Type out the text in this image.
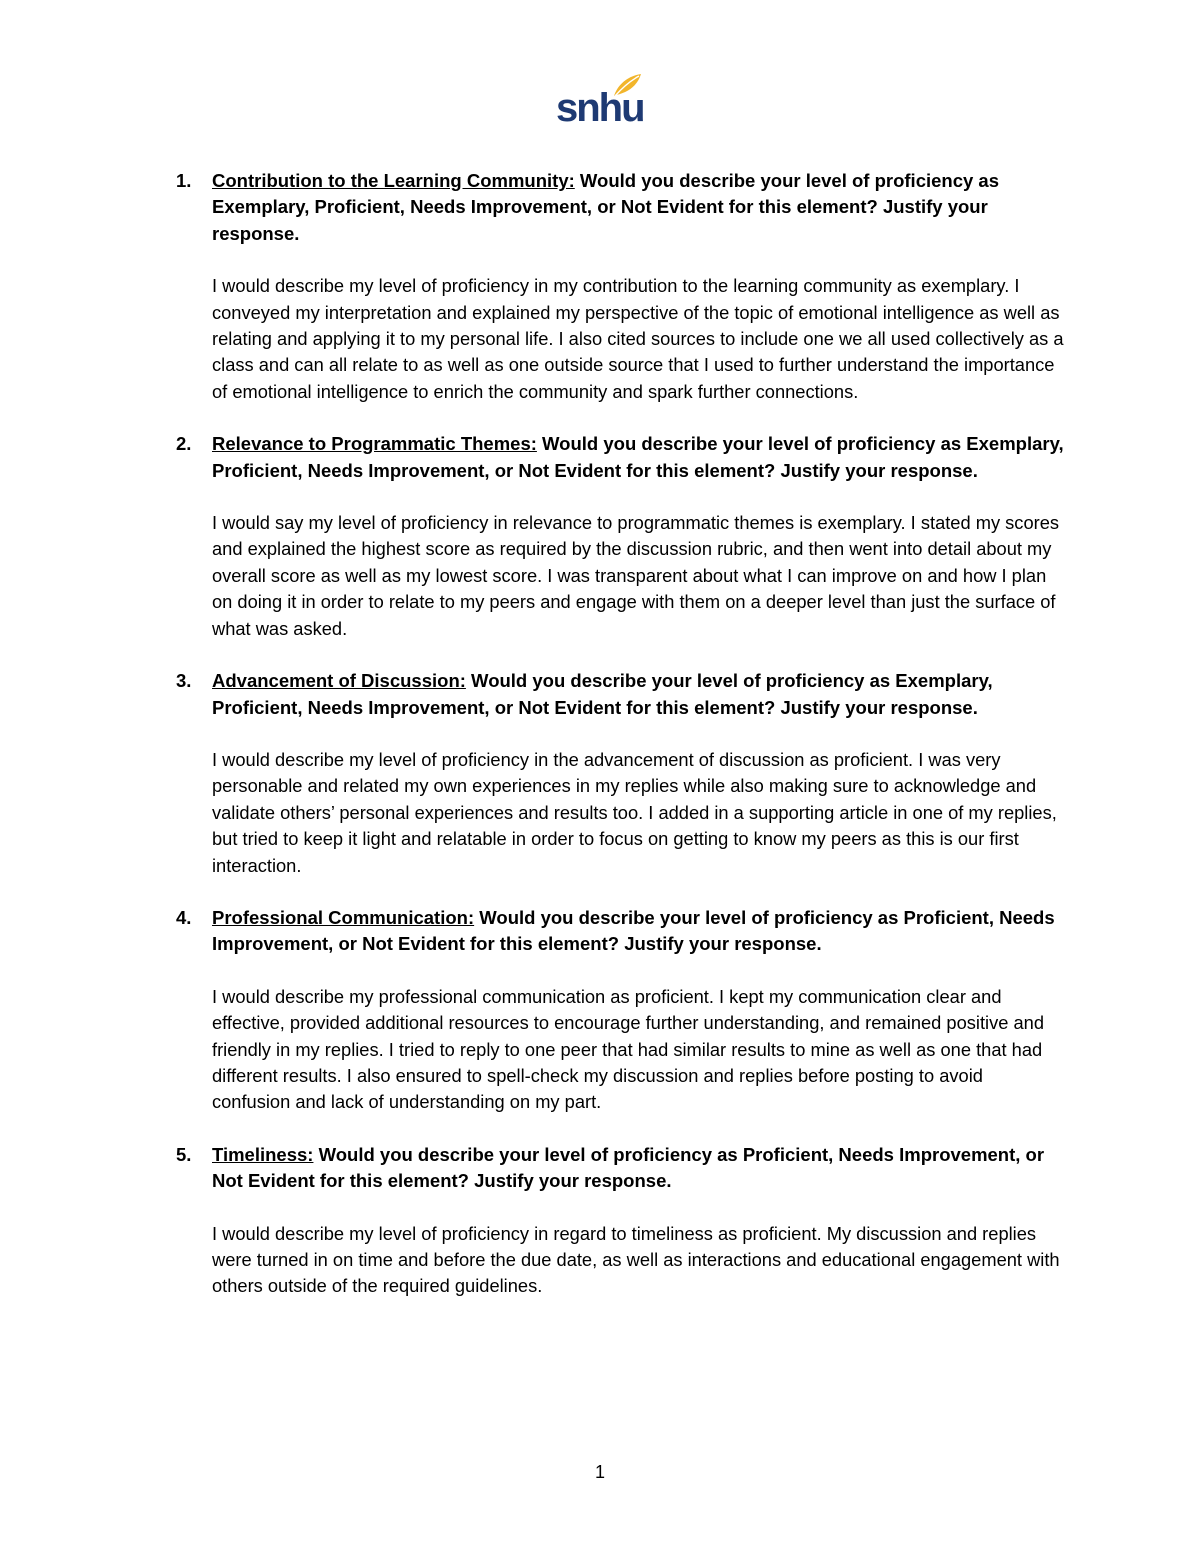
snhu
1. Contribution to the Learning Community: Would you describe your level of proficiency as Exemplary, Proficient, Needs Improvement, or Not Evident for this element? Justify your response.

I would describe my level of proficiency in my contribution to the learning community as exemplary. I conveyed my interpretation and explained my perspective of the topic of emotional intelligence as well as relating and applying it to my personal life. I also cited sources to include one we all used collectively as a class and can all relate to as well as one outside source that I used to further understand the importance of emotional intelligence to enrich the community and spark further connections.

2. Relevance to Programmatic Themes: Would you describe your level of proficiency as Exemplary, Proficient, Needs Improvement, or Not Evident for this element? Justify your response.

I would say my level of proficiency in relevance to programmatic themes is exemplary. I stated my scores and explained the highest score as required by the discussion rubric, and then went into detail about my overall score as well as my lowest score. I was transparent about what I can improve on and how I plan on doing it in order to relate to my peers and engage with them on a deeper level than just the surface of what was asked.

3. Advancement of Discussion: Would you describe your level of proficiency as Exemplary, Proficient, Needs Improvement, or Not Evident for this element? Justify your response.

I would describe my level of proficiency in the advancement of discussion as proficient. I was very personable and related my own experiences in my replies while also making sure to acknowledge and validate others’ personal experiences and results too. I added in a supporting article in one of my replies, but tried to keep it light and relatable in order to focus on getting to know my peers as this is our first interaction.

4. Professional Communication: Would you describe your level of proficiency as Proficient, Needs Improvement, or Not Evident for this element? Justify your response.

I would describe my professional communication as proficient. I kept my communication clear and effective, provided additional resources to encourage further understanding, and remained positive and friendly in my replies. I tried to reply to one peer that had similar results to mine as well as one that had different results. I also ensured to spell-check my discussion and replies before posting to avoid confusion and lack of understanding on my part.

5. Timeliness: Would you describe your level of proficiency as Proficient, Needs Improvement, or Not Evident for this element? Justify your response.

I would describe my level of proficiency in regard to timeliness as proficient. My discussion and replies were turned in on time and before the due date, as well as interactions and educational engagement with others outside of the required guidelines.

1
